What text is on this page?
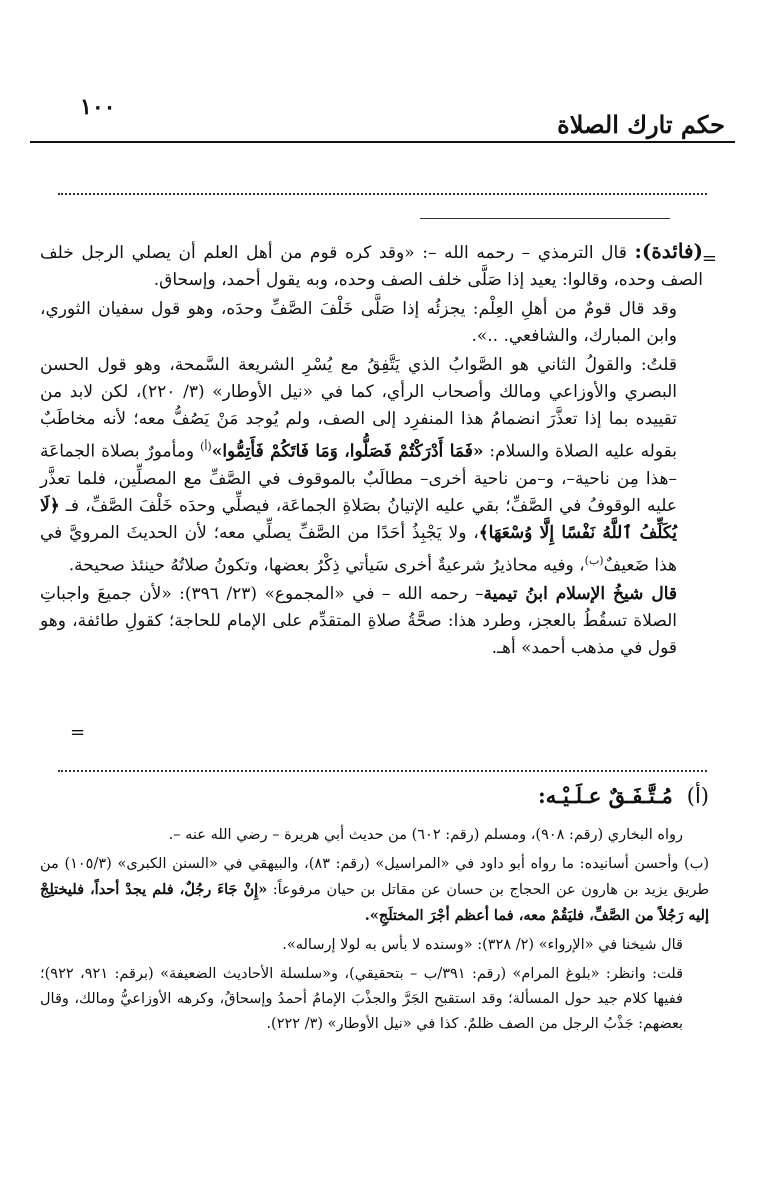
حكم تارك الصلاة
١٠٠
=
=

(فائدة): قال الترمذي – رحمه الله –: «وقد كره قوم من أهل العلم أن يصلي الرجل خلف الصف وحده، وقالوا: يعيد إذا صَلَّى خلف الصف وحده، وبه يقول أحمد، وإسحاق.

وقد قال قومٌ من أهلِ العِلْم: يجزئُه إذا صَلَّى خَلْفَ الصَّفِّ وحدَه، وهو قول سفيان الثوري، وابن المبارك، والشافعي. ..».

قلتُ: والقولُ الثاني هو الصَّوابُ الذي يَتَّفِقُ مع يُسْرِ الشريعة السَّمحة، وهو قول الحسن البصري والأوزاعي ومالك وأصحاب الرأي، كما في «نيل الأوطار» (٣/ ٢٢٠)، لكن لابد من تقييده بما إذا تعذَّرَ انضمامُ هذا المنفرِد إلى الصف، ولم يُوجد مَنْ يَصُفُّ معه؛ لأنه مخاطَبٌ بقوله عليه الصلاة والسلام: «فَمَا أَدْرَكْتُمْ فَصَلُّوا، وَمَا فَاتَكُمْ فَأَتِمُّوا»$^{(أ)}$ ومأمورٌ بصلاة الجماعَة –هذا مِن ناحية–، و–من ناحية أخرى– مطالَبٌ بالموقوف في الصَّفِّ مع المصلِّين، فلما تعذَّر عليه الوقوفُ في الصَّفِّ؛ بقي عليه الإتيانُ بصَلاةِ الجماعَة، فيصلِّي وحدَه خَلْفَ الصَّفِّ، فـ ﴿لَا يُكَلِّفُ ٱللَّهُ نَفْسًا إِلَّا وُسْعَهَا﴾، ولا يَجْبِذُ أحَدًا من الصَّفِّ يصلِّي معه؛ لأن الحديثَ المرويَّ في هذا ضَعيفٌ$^{(ب)}$، وفيه محاذيرُ شرعيةٌ أخرى سَيأتي ذِكْرُ بعضها، وتكونُ صلاتُهُ حينئذ صحيحة.

قال شيخُ الإسلام ابنُ تيمية– رحمه الله – في «المجموع» (٢٣/ ٣٩٦): «لأن جميعَ واجباتِ الصلاة تسقُطُ بالعجز، وطرد هذا: صحَّةُ صلاةِ المتقدِّم على الإمام للحاجة؛ كقولِ طائفة، وهو قول في مذهب أحمد» أهـ.

(أ)مُـتَّـفَـقٌ عـلَـيْـه:

رواه البخاري (رقم: ٩٠٨)، ومسلم (رقم: ٦٠٢) من حديث أبي هريرة – رضي الله عنه –.

(ب) وأحسن أسانيده: ما رواه أبو داود في «المراسيل» (رقم: ٨٣)، والبيهقي في «السنن الكبرى» (١٠٥/٣) من طريق يزيد بن هارون عن الحجاج بن حسان عن مقاتل بن حيان مرفوعاً: «إِنْ جَاءَ رجُلٌ، فلم يجدْ أحداً، فليختلِجْ إليه رَجُلاً من الصَّفِّ، فليَقُمْ معه، فما أعظم أجْرَ المختلَجِ».

قال شيخنا في «الإرواء» (٢/ ٣٢٨): «وسنده لا بأس به لولا إرساله».

قلت: وانظر: «بلوغ المرام» (رقم: ٣٩١/ب – بتحقيقي)، و«سلسلة الأحاديث الضعيفة» (برقم: ٩٢١، ٩٢٢)؛ ففيها كلام جيد حول المسألة؛ وقد استقبح الجَرَّ والجذْبَ الإمامُ أحمدُ وإسحاقُ، وكرهه الأوزاعيُّ ومالك، وقال بعضهم: جَذْبُ الرجل من الصف ظلمٌ. كذا في «نيل الأوطار» (٣/ ٢٢٢).
